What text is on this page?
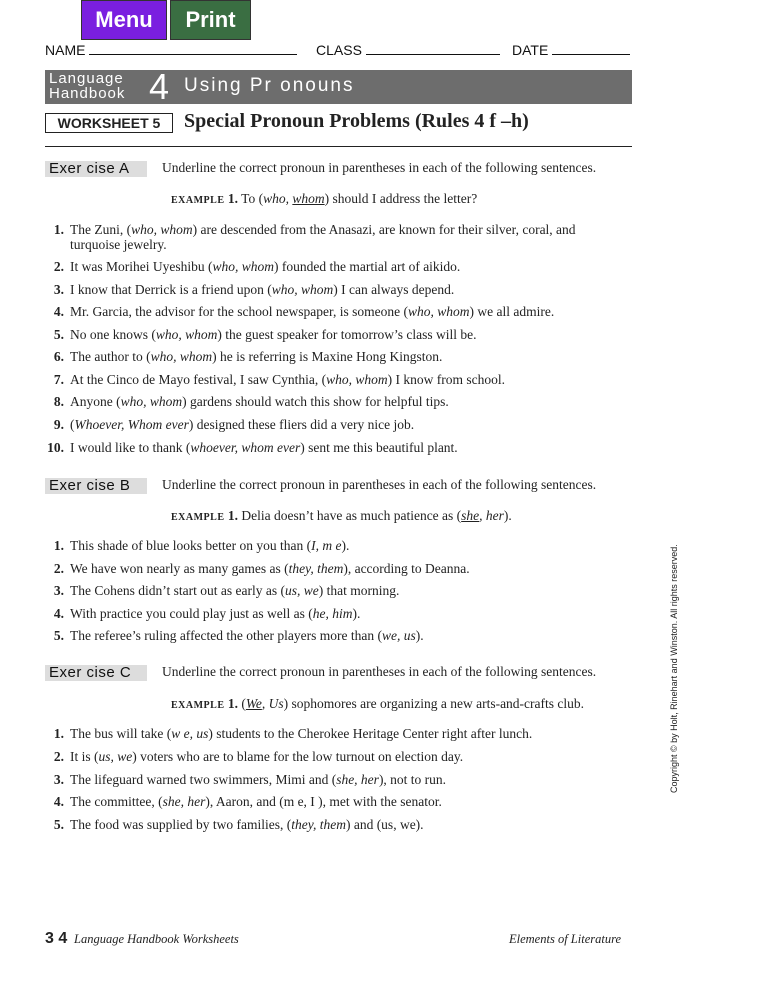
Menu	Print
NAME	CLASS	DATE
Language
Handbook 4 Using Pr onouns
WORKSHEET 5	Special Pronoun Problems (Rules 4 f –h)
Exer cise A	Underline the correct pronoun in parentheses in each of the following sentences.
EXAMPLE 1. To (who, whom) should I address the letter?
1. The Zuni, (who, whom) are descended from the Anasazi, are known for their silver, coral, and
turquoise jewelry.
2. It was Morihei Uyeshibu (who, whom) founded the martial art of aikido.
3. I know that Derrick is a friend upon (who, whom) I can always depend.
4. Mr. Garcia, the advisor for the school newspaper, is someone (who, whom) we all admire.
5. No one knows (who, whom) the guest speaker for tomorrow’s class will be.
6. The author to (who, whom) he is referring is Maxine Hong Kingston.
7. At the Cinco de Mayo festival, I saw Cynthia, (who, whom) I know from school.
8. Anyone (who, whom) gardens should watch this show for helpful tips.
9. (Whoever, Whom ever) designed these fliers did a very nice job.
10. I would like to thank (whoever, whom ever) sent me this beautiful plant.
Exer cise B	Underline the correct pronoun in parentheses in each of the following sentences.
EXAMPLE 1. Delia doesn’t have as much patience as (she, her).
1. This shade of blue looks better on you than (I, m e).
2. We have won nearly as many games as (they, them), according to Deanna.
3. The Cohens didn’t start out as early as (us, we) that morning.
4. With practice you could play just as well as (he, him).
5. The referee’s ruling affected the other players more than (we, us).
Exer cise C	Underline the correct pronoun in parentheses in each of the following sentences.
EXAMPLE 1. (We, Us) sophomores are organizing a new arts-and-crafts club.
1. The bus will take (w e, us) students to the Cherokee Heritage Center right after lunch.
2. It is (us, we) voters who are to blame for the low turnout on election day.
3. The lifeguard warned two swimmers, Mimi and (she, her), not to run.
4. The committee, (she, her), Aaron, and (m e, I ), met with the senator.
5. The food was supplied by two families, (they, them) and (us, we).
Copyright © by Holt, Rinehart and Winston. All rights reserved.
3 4 Language Handbook Worksheets	Elements of Literature
